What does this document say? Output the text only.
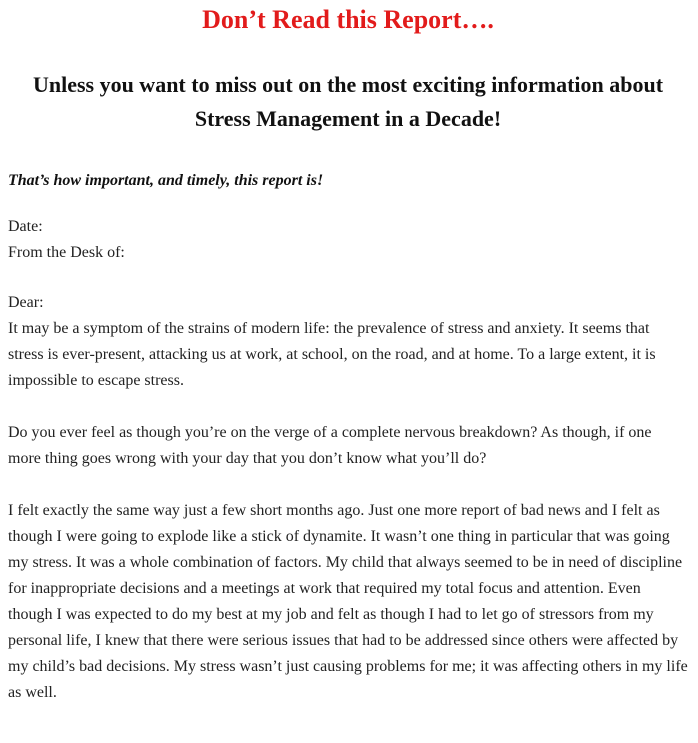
Don’t Read this Report….
Unless you want to miss out on the most exciting information about Stress Management in a Decade!

That’s how important, and timely, this report is!

Date:
From the Desk of:
Dear:

It may be a symptom of the strains of modern life: the prevalence of stress and anxiety. It seems that stress is ever-present, attacking us at work, at school, on the road, and at home. To a large extent, it is impossible to escape stress.

Do you ever feel as though you’re on the verge of a complete nervous breakdown? As though, if one more thing goes wrong with your day that you don’t know what you’ll do?

I felt exactly the same way just a few short months ago. Just one more report of bad news and I felt as though I were going to explode like a stick of dynamite. It wasn’t one thing in particular that was going my stress. It was a whole combination of factors. My child that always seemed to be in need of discipline for inappropriate decisions and a meetings at work that required my total focus and attention. Even though I was expected to do my best at my job and felt as though I had to let go of stressors from my personal life, I knew that there were serious issues that had to be addressed since others were affected by my child’s bad decisions. My stress wasn’t just causing problems for me; it was affecting others in my life as well.
